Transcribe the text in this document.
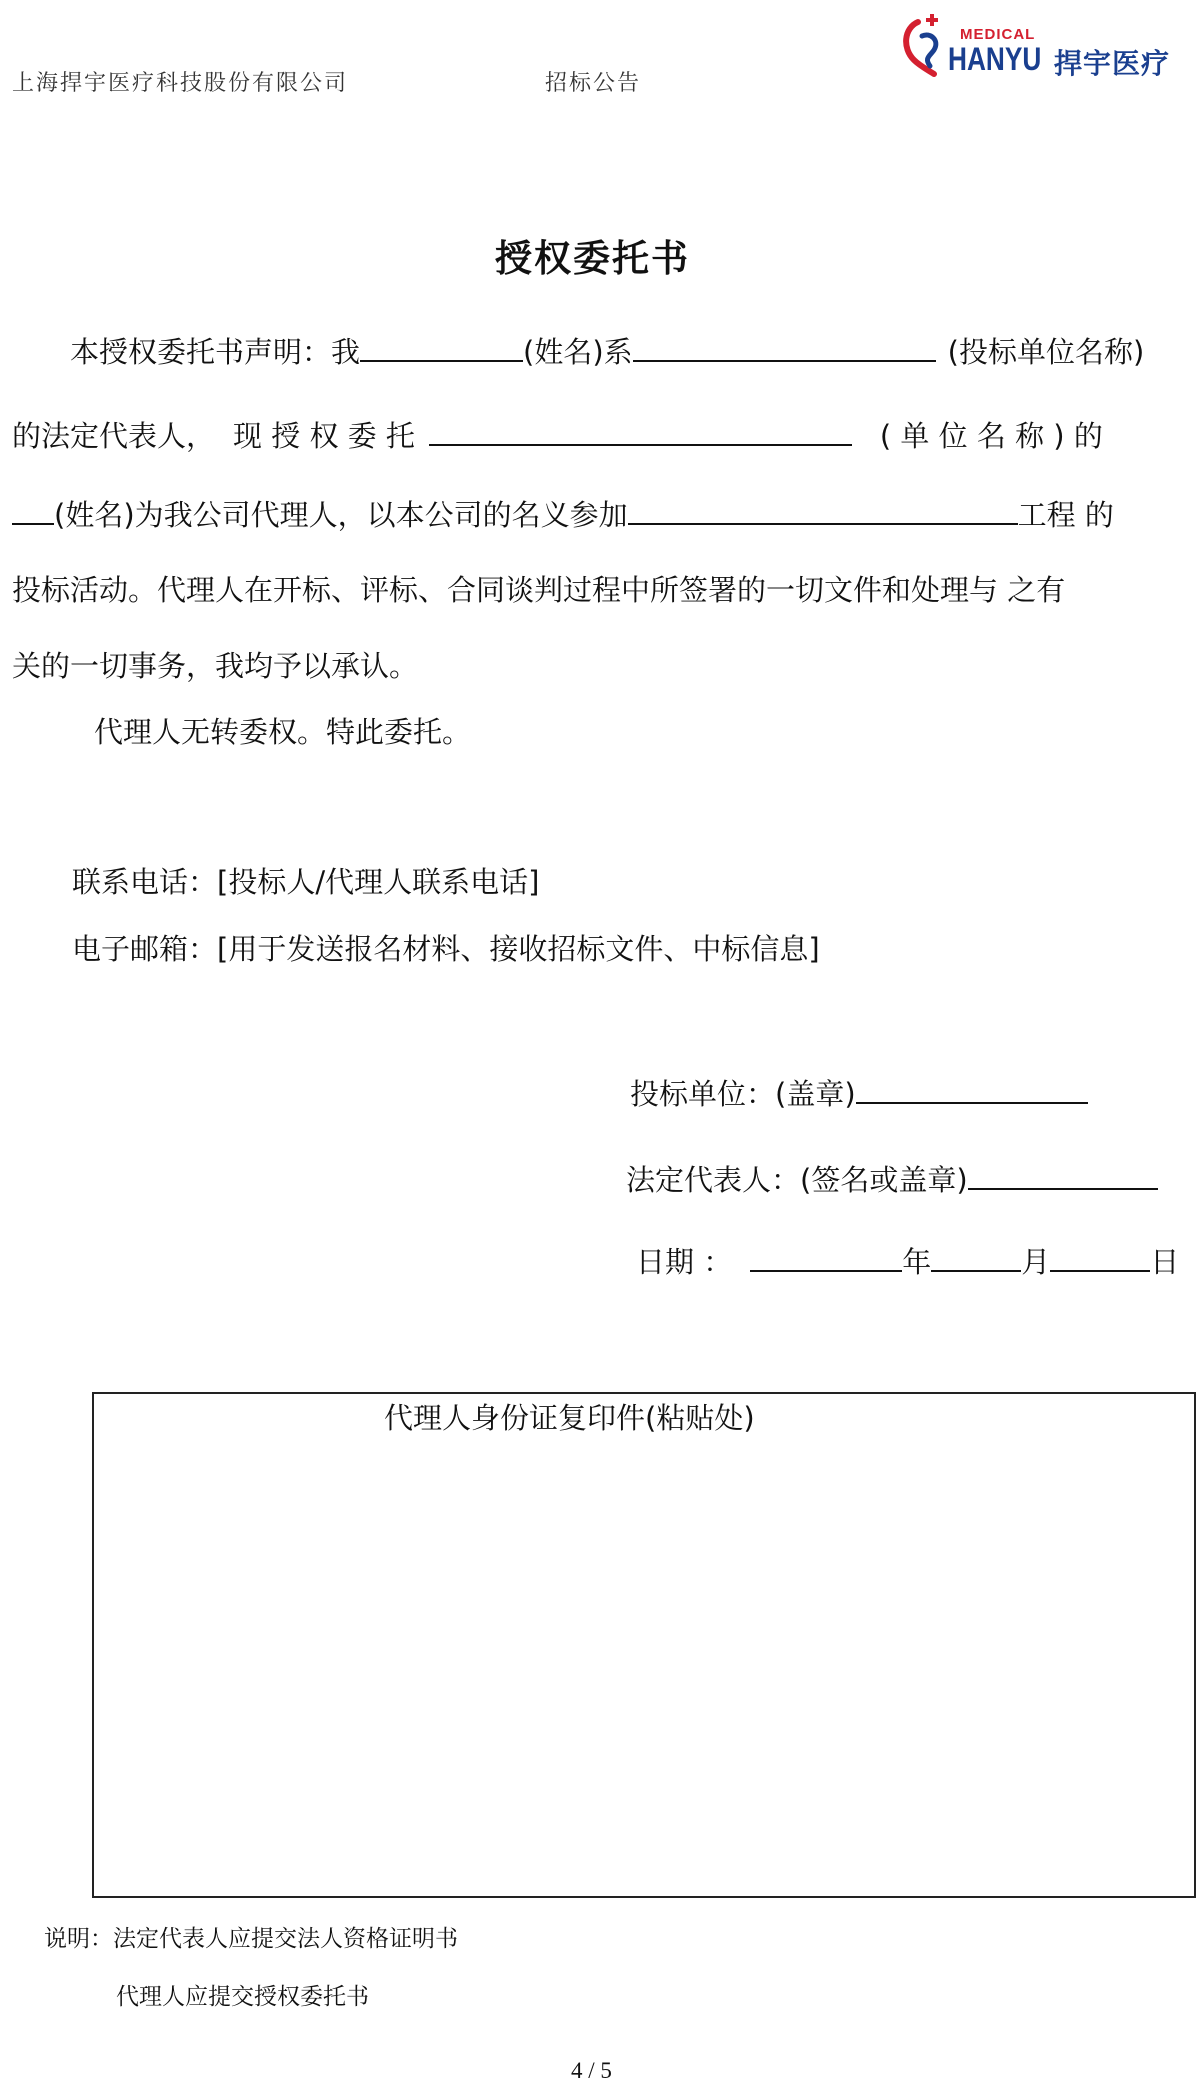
上海捍宇医疗科技股份有限公司	招标公告
MEDICAL
HANYU 捍宇医疗
授权委托书
本授权委托书声明：我	(姓名)系	(投标单位名称)
的法定代表人， 现 授 权 委 托	( 单 位 名 称 ) 的
(姓名)为我公司代理人，以本公司的名义参加	工程 的
投标活动。代理人在开标、评标、合同谈判过程中所签署的一切文件和处理与 之有
关的一切事务，我均予以承认。
代理人无转委权。特此委托。
联系电话：[投标人/代理人联系电话]
电子邮箱：[用于发送报名材料、接收招标文件、中标信息]
投标单位：(盖章)
法定代表人：(签名或盖章)
日期 ：	年	月	日
代理人身份证复印件(粘贴处)
说明：法定代表人应提交法人资格证明书
代理人应提交授权委托书
4 / 5
